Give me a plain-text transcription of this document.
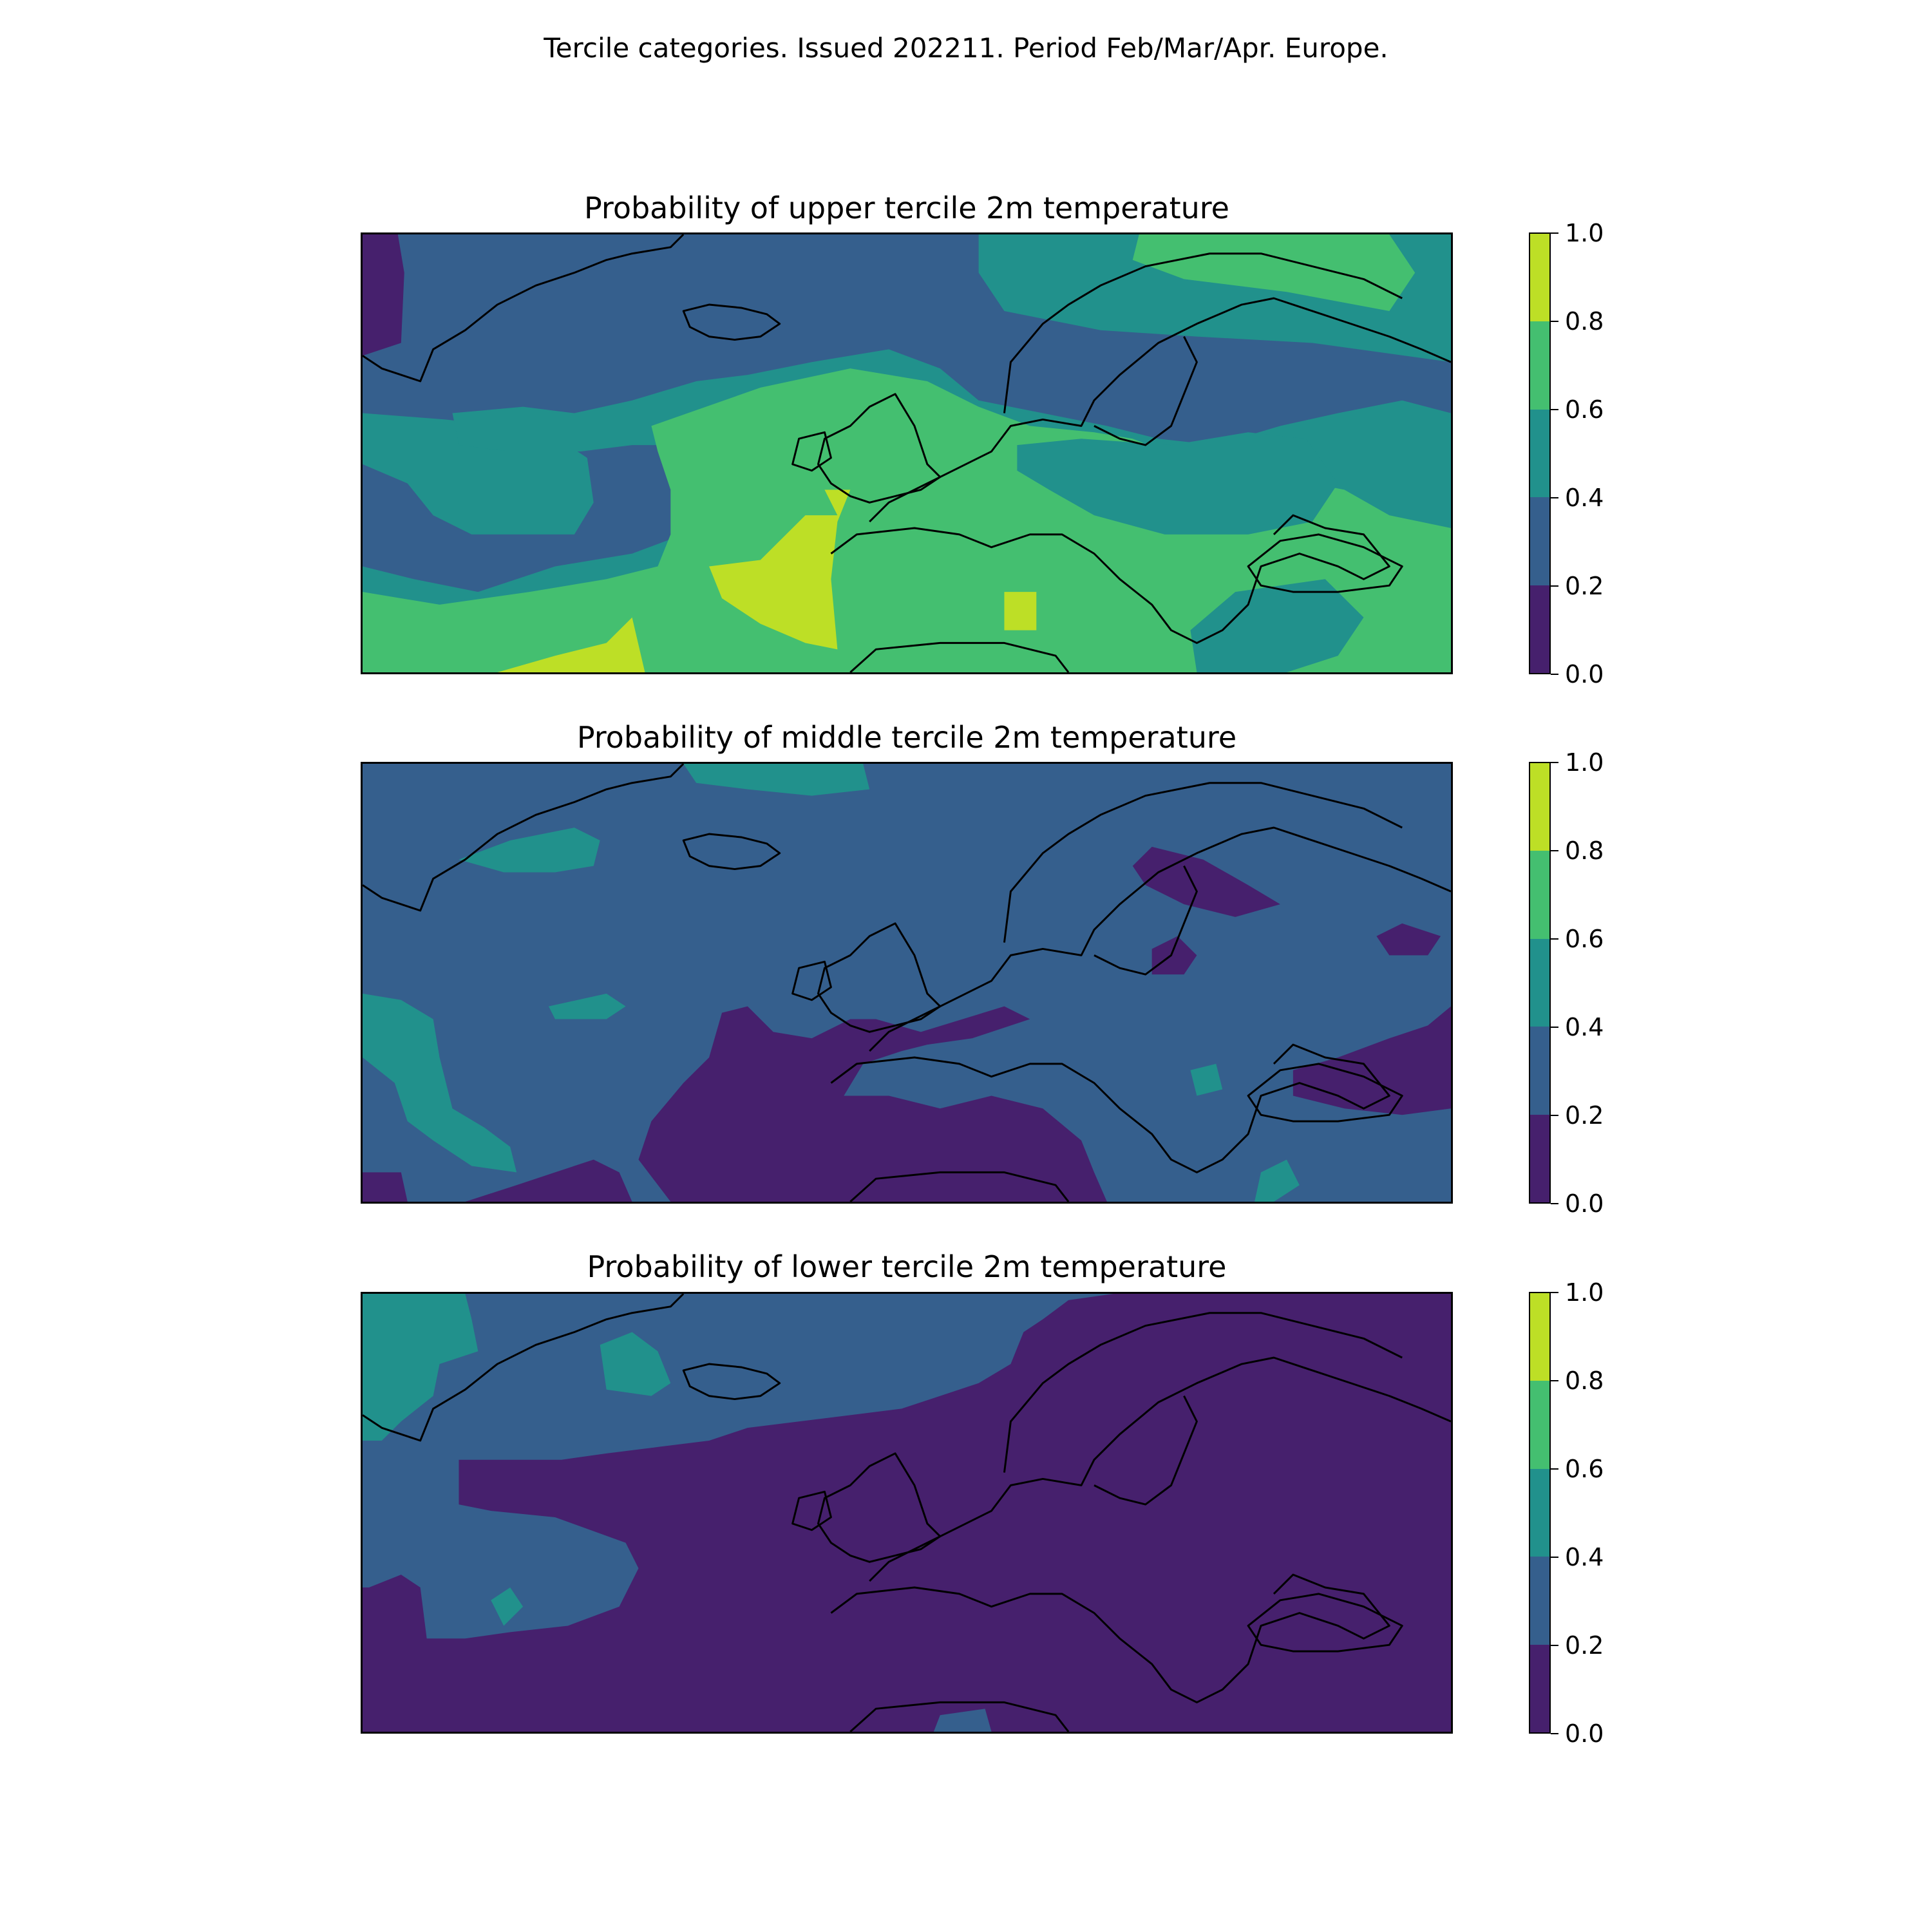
Tercile categories. Issued 202211. Period Feb/Mar/Apr. Europe.
Probability of upper tercile 2m temperature
0.0
0.2
0.4
0.6
0.8
1.0
Probability of middle tercile 2m temperature
0.0
0.2
0.4
0.6
0.8
1.0
Probability of lower tercile 2m temperature
0.0
0.2
0.4
0.6
0.8
1.0
